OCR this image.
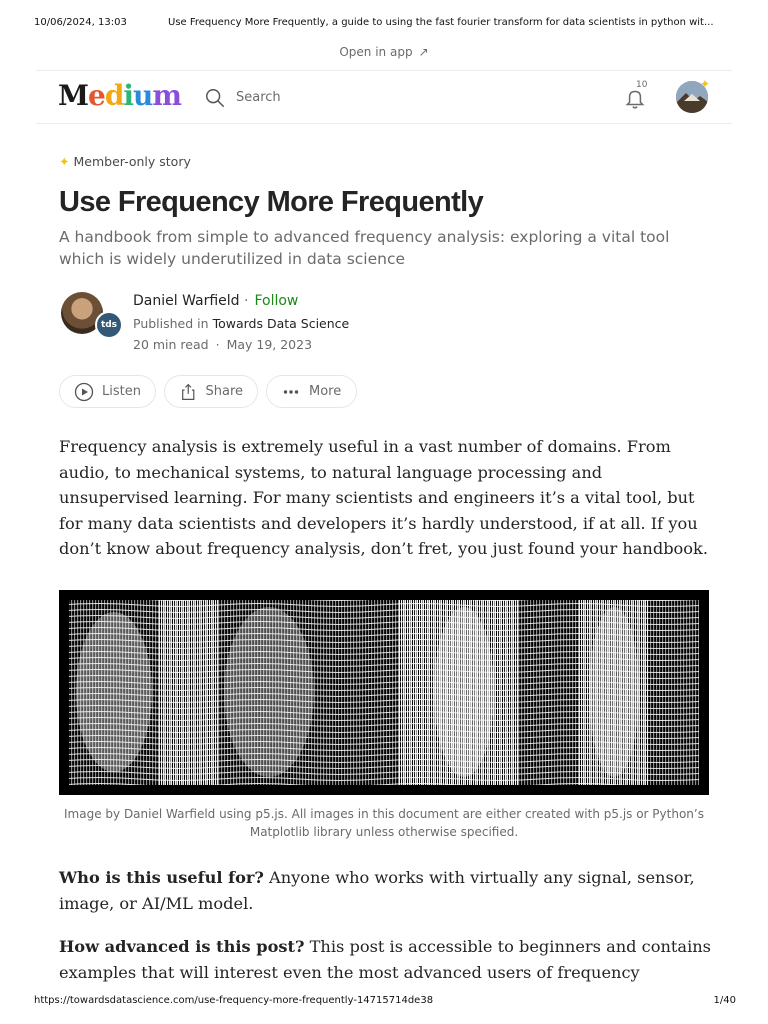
10/06/2024, 13:03	Use Frequency More Frequently, a guide to using the fast fourier transform for data scientists in python wit...
Open in app ↗
Medium	Search
10	✦
✦ Member-only story
Use Frequency More Frequently
A handbook from simple to advanced frequency analysis: exploring a vital tool which is widely underutilized in data science
tds
Daniel Warfield · Follow
Published in Towards Data Science
20 min read · May 19, 2023
Listen	Share	More
Frequency analysis is extremely useful in a vast number of domains. From audio, to mechanical systems, to natural language processing and unsupervised learning. For many scientists and engineers it’s a vital tool, but for many data scientists and developers it’s hardly understood, if at all. If you don’t know about frequency analysis, don’t fret, you just found your handbook.
Image by Daniel Warfield using p5.js. All images in this document are either created with p5.js or Python’s Matplotlib library unless otherwise specified.
Who is this useful for? Anyone who works with virtually any signal, sensor, image, or AI/ML model.
How advanced is this post? This post is accessible to beginners and contains examples that will interest even the most advanced users of frequency
https://towardsdatascience.com/use-frequency-more-frequently-14715714de38	1/40
